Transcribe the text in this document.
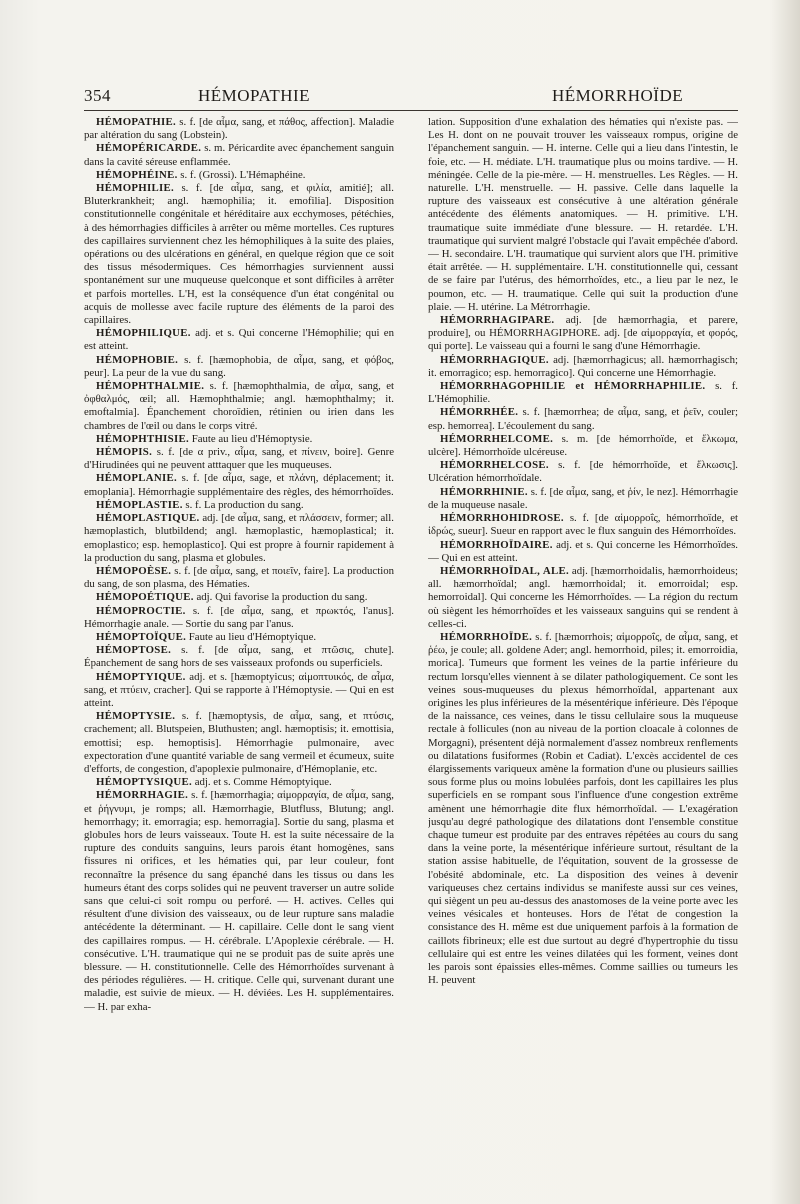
354	HÉMOPATHIE	HÉMORRHOÏDE

HÉMOPATHIE. s. f. [de αἷμα, sang, et πάθος, affection]. Maladie par altération du sang (Lobstein).

HÉMOPÉRICARDE. s. m. Péricardite avec épanchement sanguin dans la cavité séreuse enflammée.

HÉMOPHÉINE. s. f. (Grossi). L'Hémaphéine.

HÉMOPHILIE. s. f. [de αἷμα, sang, et φιλία, amitié]; all. Bluterkrankheit; angl. hæmophilia; it. emofilia]. Disposition constitutionnelle congénitale et héréditaire aux ecchymoses, pétéchies, à des hémorrhagies difficiles à arrêter ou même mortelles. Ces ruptures des capillaires surviennent chez les hémophiliques à la suite des plaies, opérations ou des ulcérations en général, en quelque région que ce soit des tissus mésodermiques. Ces hémorrhagies surviennent aussi spontanément sur une muqueuse quelconque et sont difficiles à arrêter et parfois mortelles. L'H, est la conséquence d'un état congénital ou acquis de mollesse avec facile rupture des éléments de la paroi des capillaires.

HÉMOPHILIQUE. adj. et s. Qui concerne l'Hémophilie; qui en est atteint.

HÉMOPHOBIE. s. f. [hæmophobia, de αἷμα, sang, et φόβος, peur]. La peur de la vue du sang.

HÉMOPHTHALMIE. s. f. [hæmophthalmia, de αἷμα, sang, et ὀφθαλμός, œil; all. Hæmophthalmie; angl. hæmophthalmy; it. emoftalmia]. Épanchement choroïdien, rétinien ou irien dans les chambres de l'œil ou dans le corps vitré.

HÉMOPHTHISIE. Faute au lieu d'Hémoptysie.

HÉMOPIS. s. f. [de α priv., αἷμα, sang, et πίνειν, boire]. Genre d'Hirudinées qui ne peuvent atttaquer que les muqueuses.

HÉMOPLANIE. s. f. [de αἷμα, sage, et πλάνη, déplacement; it. emoplania]. Hémorrhagie supplémentaire des règles, des hémorrhoïdes.

HÉMOPLASTIE. s. f. La production du sang.

HÉMOPLASTIQUE. adj. [de αἷμα, sang, et πλάσσειν, former; all. hæmoplastich, blutbildend; angl. hæmoplastic, hæmoplastical; it. emoplastico; esp. hemoplastico]. Qui est propre à fournir rapidement à la production du sang, plasma et globules.

HÉMOPOÈSE. s. f. [de αἷμα, sang, et ποιεῖν, faire]. La production du sang, de son plasma, des Hématies.

HÉMOPOÉTIQUE. adj. Qui favorise la production du sang.

HÉMOPROCTIE. s. f. [de αἷμα, sang, et πρωκτός, l'anus]. Hémorrhagie anale. — Sortie du sang par l'anus.

HÉMOPTOÏQUE. Faute au lieu d'Hémoptyique.

HÉMOPTOSE. s. f. [de αἷμα, sang, et πτῶσις, chute]. Épanchement de sang hors de ses vaisseaux profonds ou superficiels.

HÉMOPTYIQUE. adj. et s. [hæmoptyicus; αἱμοπτυικός, de αἷμα, sang, et πτύειν, cracher]. Qui se rapporte à l'Hémoptysie. — Qui en est atteint.

HÉMOPTYSIE. s. f. [hæmoptysis, de αἷμα, sang, et πτύσις, crachement; all. Blutspeien, Bluthusten; angl. hæmoptisis; it. emottisia, emottisi; esp. hemoptisis]. Hémorrhagie pulmonaire, avec expectoration d'une quantité variable de sang vermeil et écumeux, suite d'efforts, de congestion, d'apoplexie pulmonaire, d'Hémoplanie, etc.

HÉMOPTYSIQUE. adj. et s. Comme Hémoptyique.

HÉMORRHAGIE. s. f. [hæmorrhagia; αἱμορραγία, de αἷμα, sang, et ῥήγνυμι, je romps; all. Hæmorrhagie, Blutfluss, Blutung; angl. hemorrhagy; it. emorragia; esp. hemorragia]. Sortie du sang, plasma et globules hors de leurs vaisseaux. Toute H. est la suite nécessaire de la rupture des conduits sanguins, leurs parois étant homogènes, sans fissures ni orifices, et les hématies qui, par leur couleur, font reconnaître la présence du sang épanché dans les tissus ou dans les humeurs étant des corps solides qui ne peuvent traverser un autre solide sans que celui-ci soit rompu ou perforé. — H. actives. Celles qui résultent d'une division des vaisseaux, ou de leur rupture sans maladie antécédente la déterminant. — H. capillaire. Celle dont le sang vient des capillaires rompus. — H. cérébrale. L'Apoplexie cérébrale. — H. consécutive. L'H. traumatique qui ne se produit pas de suite après une blessure. — H. constitutionnelle. Celle des Hémorrhoïdes survenant à des périodes régulières. — H. critique. Celle qui, survenant durant une maladie, est suivie de mieux. — H. déviées. Les H. supplémentaires. — H. par exha-

lation. Supposition d'une exhalation des hématies qui n'existe pas. — Les H. dont on ne pouvait trouver les vaisseaux rompus, origine de l'épanchement sanguin. — H. interne. Celle qui a lieu dans l'intestin, le foie, etc. — H. médiate. L'H. traumatique plus ou moins tardive. — H. méningée. Celle de la pie-mère. — H. menstruelles. Les Règles. — H. naturelle. L'H. menstruelle. — H. passive. Celle dans laquelle la rupture des vaisseaux est consécutive à une altération générale antécédente des éléments anatomiques. — H. primitive. L'H. traumatique suite immédiate d'une blessure. — H. retardée. L'H. traumatique qui survient malgré l'obstacle qui l'avait empêchée d'abord. — H. secondaire. L'H. traumatique qui survient alors que l'H. primitive était arrêtée. — H. supplémentaire. L'H. constitutionnelle qui, cessant de se faire par l'utérus, des hémorrhoïdes, etc., a lieu par le nez, le poumon, etc. — H. traumatique. Celle qui suit la production d'une plaie. — H. utérine. La Métrorrhagie.

HÉMORRHAGIPARE. adj. [de hæmorrhagia, et parere, produire], ou HÉMORRHAGIPHORE. adj. [de αἱμορραγία, et φορός, qui porte]. Le vaisseau qui a fourni le sang d'une Hémorrhagie.

HÉMORRHAGIQUE. adj. [hæmorrhagicus; all. hæmorrhagisch; it. emorragico; esp. hemorragico]. Qui concerne une Hémorrhagie.

HÉMORRHAGOPHILIE et HÉMORRHAPHILIE. s. f. L'Hémophilie.

HÉMORRHÉE. s. f. [hæmorrhea; de αἷμα, sang, et ῥεῖν, couler; esp. hemorrea]. L'écoulement du sang.

HÉMORRHELCOME. s. m. [de hémorrhoïde, et ἕλκωμα, ulcère]. Hémorrhoïde ulcéreuse.

HÉMORRHELCOSE. s. f. [de hémorrhoïde, et ἕλκωσις]. Ulcération hémorrhoïdale.

HÉMORRHINIE. s. f. [de αἷμα, sang, et ῥίν, le nez]. Hémorrhagie de la muqueuse nasale.

HÉMORRHOHIDROSE. s. f. [de αἱμορροΐς, hémorrhoïde, et ἱδρώς, sueur]. Sueur en rapport avec le flux sanguin des Hémorrhoïdes.

HÉMORRHOÏDAIRE. adj. et s. Qui concerne les Hémorrhoïdes. — Qui en est atteint.

HÉMORRHOÏDAL, ALE. adj. [hæmorrhoidalis, hæmorrhoideus; all. hæmorrhoïdal; angl. hæmorrhoidal; it. emorroidal; esp. hemorroidal]. Qui concerne les Hémorrhoïdes. — La région du rectum où siègent les hémorrhoïdes et les vaisseaux sanguins qui se rendent à celles-ci.

HÉMORRHOÏDE. s. f. [hæmorrhois; αἱμορροΐς, de αἷμα, sang, et ῥέω, je coule; all. goldene Ader; angl. hemorrhoid, piles; it. emorroidia, morica]. Tumeurs que forment les veines de la partie inférieure du rectum lorsqu'elles viennent à se dilater pathologiquement. Ce sont les veines sous-muqueuses du plexus hémorrhoïdal, appartenant aux origines les plus inférieures de la mésentérique inférieure. Dès l'époque de la naissance, ces veines, dans le tissu cellulaire sous la muqueuse rectale à follicules (non au niveau de la portion cloacale à colonnes de Morgagni), présentent déjà normalement d'assez nombreux renflements ou dilatations fusiformes (Robin et Cadiat). L'excès accidentel de ces élargissements variqueux amène la formation d'une ou plusieurs saillies sous forme plus ou moins lobulées parfois, dont les capillaires les plus superficiels en se rompant sous l'influence d'une congestion extrême amènent une hémorrhagie dite flux hémorrhoïdal. — L'exagération jusqu'au degré pathologique des dilatations dont l'ensemble constitue chaque tumeur est produite par des entraves répétées au cours du sang dans la veine porte, la mésentérique inférieure surtout, résultant de la station assise habituelle, de l'équitation, souvent de la grossesse de l'obésité abdominale, etc. La disposition des veines à devenir variqueuses chez certains individus se manifeste aussi sur ces veines, qui siègent un peu au-dessus des anastomoses de la veine porte avec les veines vésicales et honteuses. Hors de l'état de congestion la consistance des H. même est due uniquement parfois à la formation de caillots fibrineux; elle est due surtout au degré d'hypertrophie du tissu cellulaire qui est entre les veines dilatées qui les forment, veines dont les parois sont épaissies elles-mêmes. Comme saillies ou tumeurs les H. peuvent
